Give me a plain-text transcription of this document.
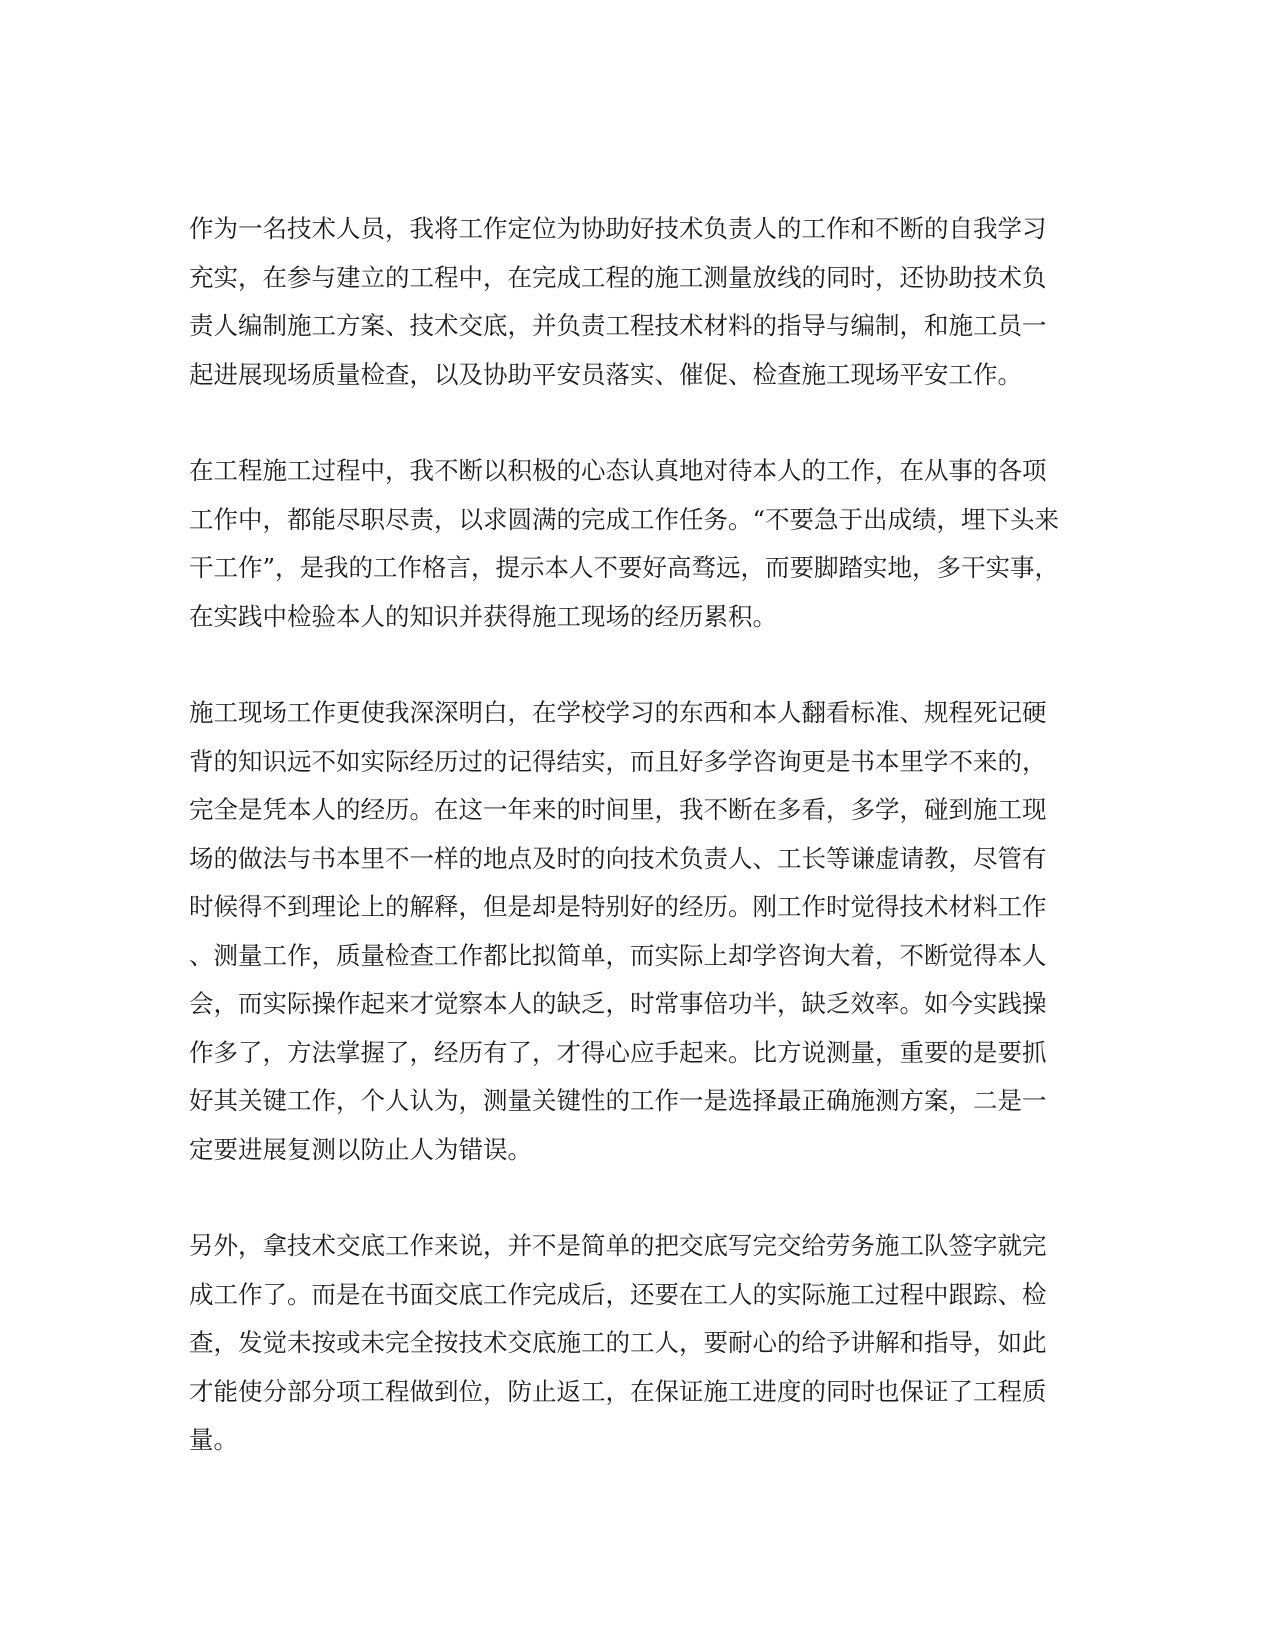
作为一名技术人员，我将工作定位为协助好技术负责人的工作和不断的自我学习
充实，在参与建立的工程中，在完成工程的施工测量放线的同时，还协助技术负
责人编制施工方案、技术交底，并负责工程技术材料的指导与编制，和施工员一
起进展现场质量检查，以及协助平安员落实、催促、检查施工现场平安工作。

在工程施工过程中，我不断以积极的心态认真地对待本人的工作，在从事的各项
工作中，都能尽职尽责，以求圆满的完成工作任务。“不要急于出成绩，埋下头来
干工作”，是我的工作格言，提示本人不要好高骛远，而要脚踏实地，多干实事，
在实践中检验本人的知识并获得施工现场的经历累积。

施工现场工作更使我深深明白，在学校学习的东西和本人翻看标准、规程死记硬
背的知识远不如实际经历过的记得结实，而且好多学咨询更是书本里学不来的，
完全是凭本人的经历。在这一年来的时间里，我不断在多看，多学，碰到施工现
场的做法与书本里不一样的地点及时的向技术负责人、工长等谦虚请教，尽管有
时候得不到理论上的解释，但是却是特别好的经历。刚工作时觉得技术材料工作
、测量工作，质量检查工作都比拟简单，而实际上却学咨询大着，不断觉得本人
会，而实际操作起来才觉察本人的缺乏，时常事倍功半，缺乏效率。如今实践操
作多了，方法掌握了，经历有了，才得心应手起来。比方说测量，重要的是要抓
好其关键工作，个人认为，测量关键性的工作一是选择最正确施测方案，二是一
定要进展复测以防止人为错误。

另外，拿技术交底工作来说，并不是简单的把交底写完交给劳务施工队签字就完
成工作了。而是在书面交底工作完成后，还要在工人的实际施工过程中跟踪、检
查，发觉未按或未完全按技术交底施工的工人，要耐心的给予讲解和指导，如此
才能使分部分项工程做到位，防止返工，在保证施工进度的同时也保证了工程质
量。
